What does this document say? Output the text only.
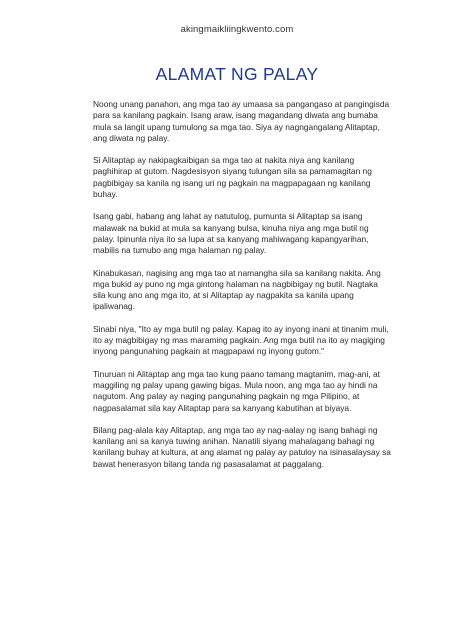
akingmaikliingkwento.com
ALAMAT NG PALAY

Noong unang panahon, ang mga tao ay umaasa sa pangangaso at pangingisda para sa kanilang pagkain. Isang araw, isang magandang diwata ang bumaba mula sa langit upang tumulong sa mga tao. Siya ay nagngangalang Alitaptap, ang diwata ng palay.

Si Alitaptap ay nakipagkaibigan sa mga tao at nakita niya ang kanilang paghihirap at gutom. Nagdesisyon siyang tulungan sila sa pamamagitan ng pagbibigay sa kanila ng isang uri ng pagkain na magpapagaan ng kanilang buhay.

Isang gabi, habang ang lahat ay natutulog, pumunta si Alitaptap sa isang malawak na bukid at mula sa kanyang bulsa, kinuha niya ang mga butil ng palay. Ipinunla niya ito sa lupa at sa kanyang mahiwagang kapangyarihan, mabilis na tumubo ang mga halaman ng palay.

Kinabukasan, nagising ang mga tao at namangha sila sa kanilang nakita. Ang mga bukid ay puno ng mga gintong halaman na nagbibigay ng butil. Nagtaka sila kung ano ang mga ito, at si Alitaptap ay nagpakita sa kanila upang ipaliwanag.

Sinabi niya, "Ito ay mga butil ng palay. Kapag ito ay inyong inani at tinanim muli, ito ay magbibigay ng mas maraming pagkain. Ang mga butil na ito ay magiging inyong pangunahing pagkain at magpapawi ng inyong gutom."

Tinuruan ni Alitaptap ang mga tao kung paano tamang magtanim, mag-ani, at maggiling ng palay upang gawing bigas. Mula noon, ang mga tao ay hindi na nagutom. Ang palay ay naging pangunahing pagkain ng mga Pilipino, at nagpasalamat sila kay Alitaptap para sa kanyang kabutihan at biyaya.

Bilang pag-alala kay Alitaptap, ang mga tao ay nag-aalay ng isang bahagi ng kanilang ani sa kanya tuwing anihan. Nanatili siyang mahalagang bahagi ng kanilang buhay at kultura, at ang alamat ng palay ay patuloy na isinasalaysay sa bawat henerasyon bilang tanda ng pasasalamat at paggalang.
